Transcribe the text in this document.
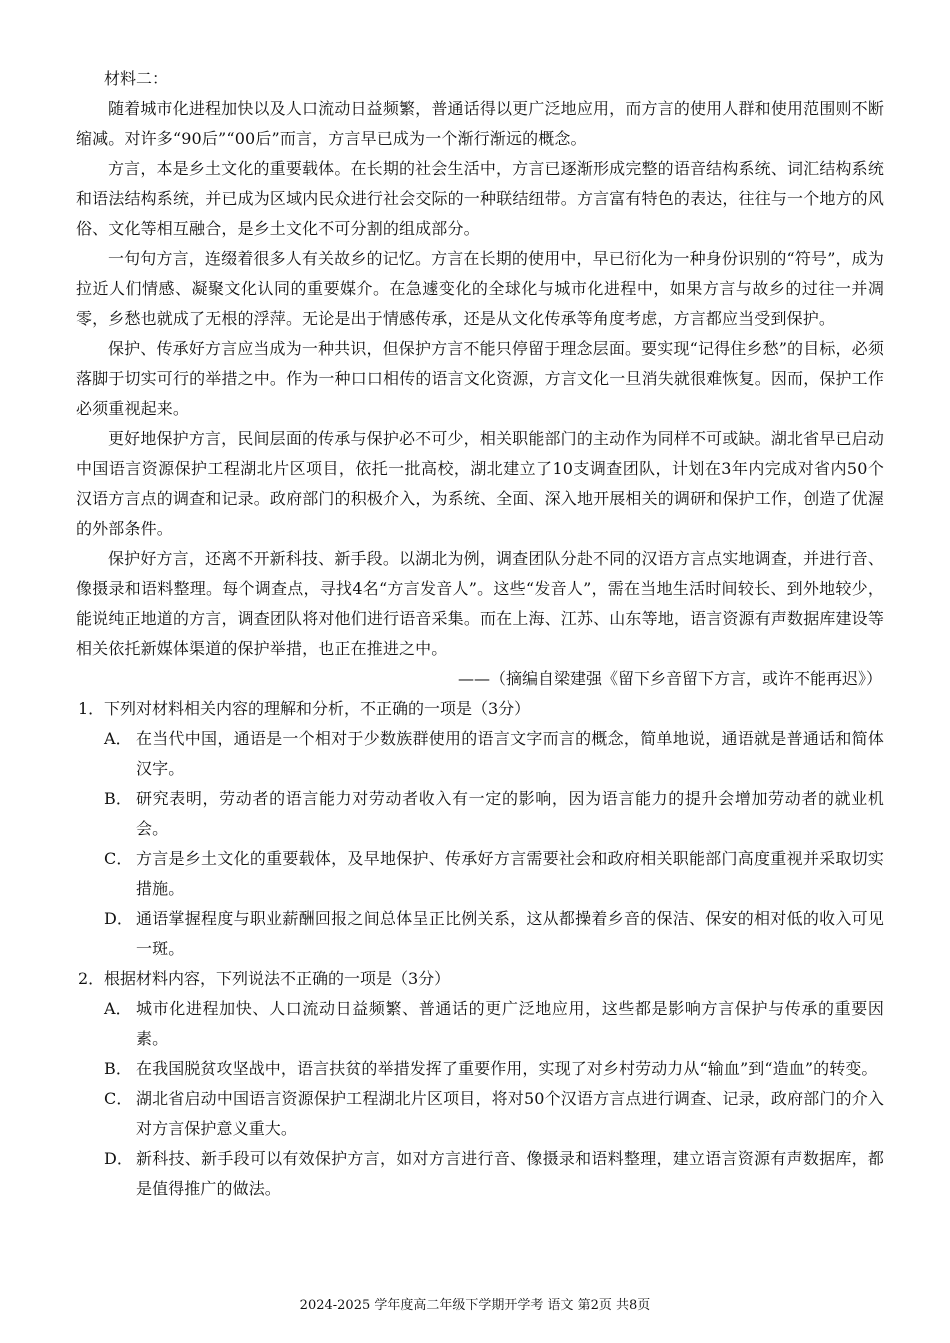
材料二：

随着城市化进程加快以及人口流动日益频繁，普通话得以更广泛地应用，而方言的使用人群和使用范围则不断缩减。对许多“90后”“00后”而言，方言早已成为一个渐行渐远的概念。

方言，本是乡土文化的重要载体。在长期的社会生活中，方言已逐渐形成完整的语音结构系统、词汇结构系统和语法结构系统，并已成为区域内民众进行社会交际的一种联结纽带。方言富有特色的表达，往往与一个地方的风俗、文化等相互融合，是乡土文化不可分割的组成部分。

一句句方言，连缀着很多人有关故乡的记忆。方言在长期的使用中，早已衍化为一种身份识别的“符号”，成为拉近人们情感、凝聚文化认同的重要媒介。在急遽变化的全球化与城市化进程中，如果方言与故乡的过往一并凋零，乡愁也就成了无根的浮萍。无论是出于情感传承，还是从文化传承等角度考虑，方言都应当受到保护。

保护、传承好方言应当成为一种共识，但保护方言不能只停留于理念层面。要实现“记得住乡愁”的目标，必须落脚于切实可行的举措之中。作为一种口口相传的语言文化资源，方言文化一旦消失就很难恢复。因而，保护工作必须重视起来。

更好地保护方言，民间层面的传承与保护必不可少，相关职能部门的主动作为同样不可或缺。湖北省早已启动中国语言资源保护工程湖北片区项目，依托一批高校，湖北建立了10支调查团队，计划在3年内完成对省内50个汉语方言点的调查和记录。政府部门的积极介入，为系统、全面、深入地开展相关的调研和保护工作，创造了优渥的外部条件。

保护好方言，还离不开新科技、新手段。以湖北为例，调查团队分赴不同的汉语方言点实地调查，并进行音、像摄录和语料整理。每个调查点，寻找4名“方言发音人”。这些“发音人”，需在当地生活时间较长、到外地较少，能说纯正地道的方言，调查团队将对他们进行语音采集。而在上海、江苏、山东等地，语言资源有声数据库建设等相关依托新媒体渠道的保护举措，也正在推进之中。

——（摘编自梁建强《留下乡音留下方言，或许不能再迟》）
1． 下列对材料相关内容的理解和分析，不正确的一项是（3分）
A． 在当代中国，通语是一个相对于少数族群使用的语言文字而言的概念，简单地说，通语就是普通话和简体汉字。
B． 研究表明，劳动者的语言能力对劳动者收入有一定的影响，因为语言能力的提升会增加劳动者的就业机会。
C． 方言是乡土文化的重要载体，及早地保护、传承好方言需要社会和政府相关职能部门高度重视并采取切实措施。
D． 通语掌握程度与职业薪酬回报之间总体呈正比例关系，这从都操着乡音的保洁、保安的相对低的收入可见一斑。
2． 根据材料内容，下列说法不正确的一项是（3分）
A． 城市化进程加快、人口流动日益频繁、普通话的更广泛地应用，这些都是影响方言保护与传承的重要因素。
B． 在我国脱贫攻坚战中，语言扶贫的举措发挥了重要作用，实现了对乡村劳动力从“输血”到“造血”的转变。
C． 湖北省启动中国语言资源保护工程湖北片区项目，将对50个汉语方言点进行调查、记录，政府部门的介入对方言保护意义重大。
D． 新科技、新手段可以有效保护方言，如对方言进行音、像摄录和语料整理，建立语言资源有声数据库，都是值得推广的做法。
2024-2025 学年度高二年级下学期开学考 语文 第2页 共8页
